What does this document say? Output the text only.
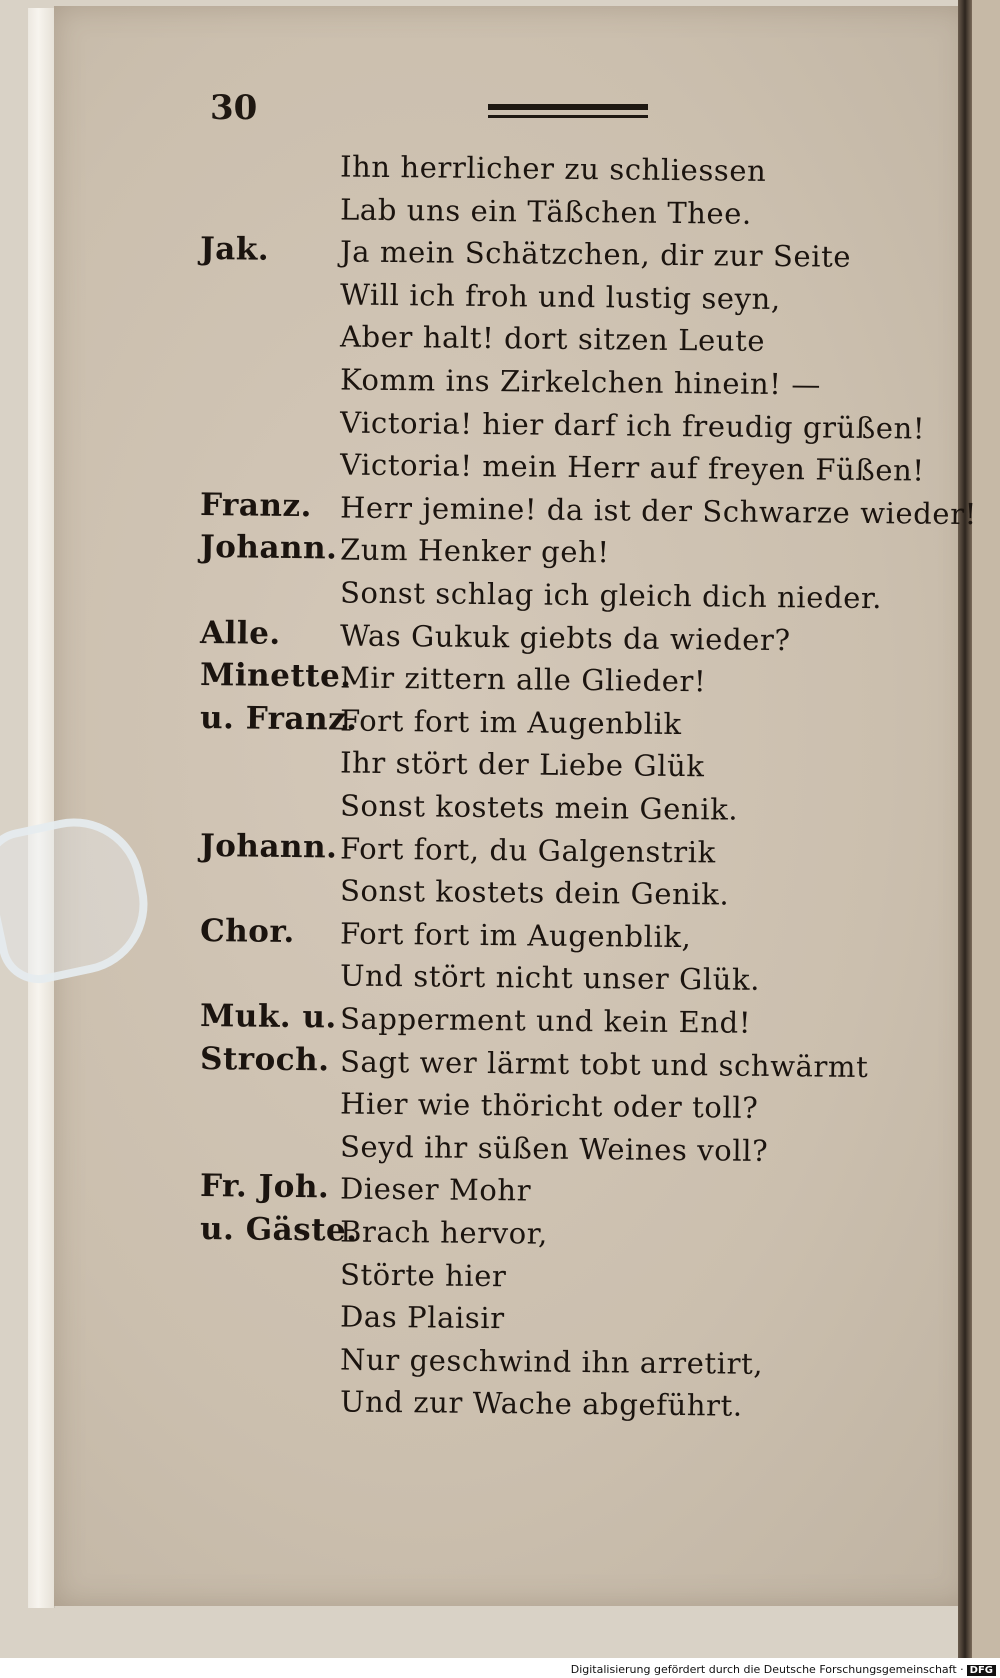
30
Ihn herrlicher zu schliessen
Lab uns ein Täßchen Thee.
Jak. Ja mein Schätzchen, dir zur Seite
Will ich froh und lustig seyn,
Aber halt! dort sitzen Leute
Komm ins Zirkelchen hinein! —
Victoria! hier darf ich freudig grüßen!
Victoria! mein Herr auf freyen Füßen!
Franz. Herr jemine! da ist der Schwarze wieder!
Johann. Zum Henker geh!
Sonst schlag ich gleich dich nieder.
Alle. Was Gukuk giebts da wieder?
Minette.
Mir zittern alle Glieder!
u. Franz.
Fort fort im Augenblik
Ihr stört der Liebe Glük
Sonst kostets mein Genik.
Johann. Fort fort, du Galgenstrik
Sonst kostets dein Genik.
Chor. Fort fort im Augenblik,
Und stört nicht unser Glük.
Muk. u. Sapperment und kein End!
Stroch. Sagt wer lärmt tobt und schwärmt
Hier wie thöricht oder toll?
Seyd ihr süßen Weines voll?
Fr. Joh. Dieser Mohr
u. Gäste.
Brach hervor,
Störte hier
Das Plaisir
Nur geschwind ihn arretirt,
Und zur Wache abgeführt.
Digitalisierung gefördert durch die Deutsche Forschungsgemeinschaft · DFG
